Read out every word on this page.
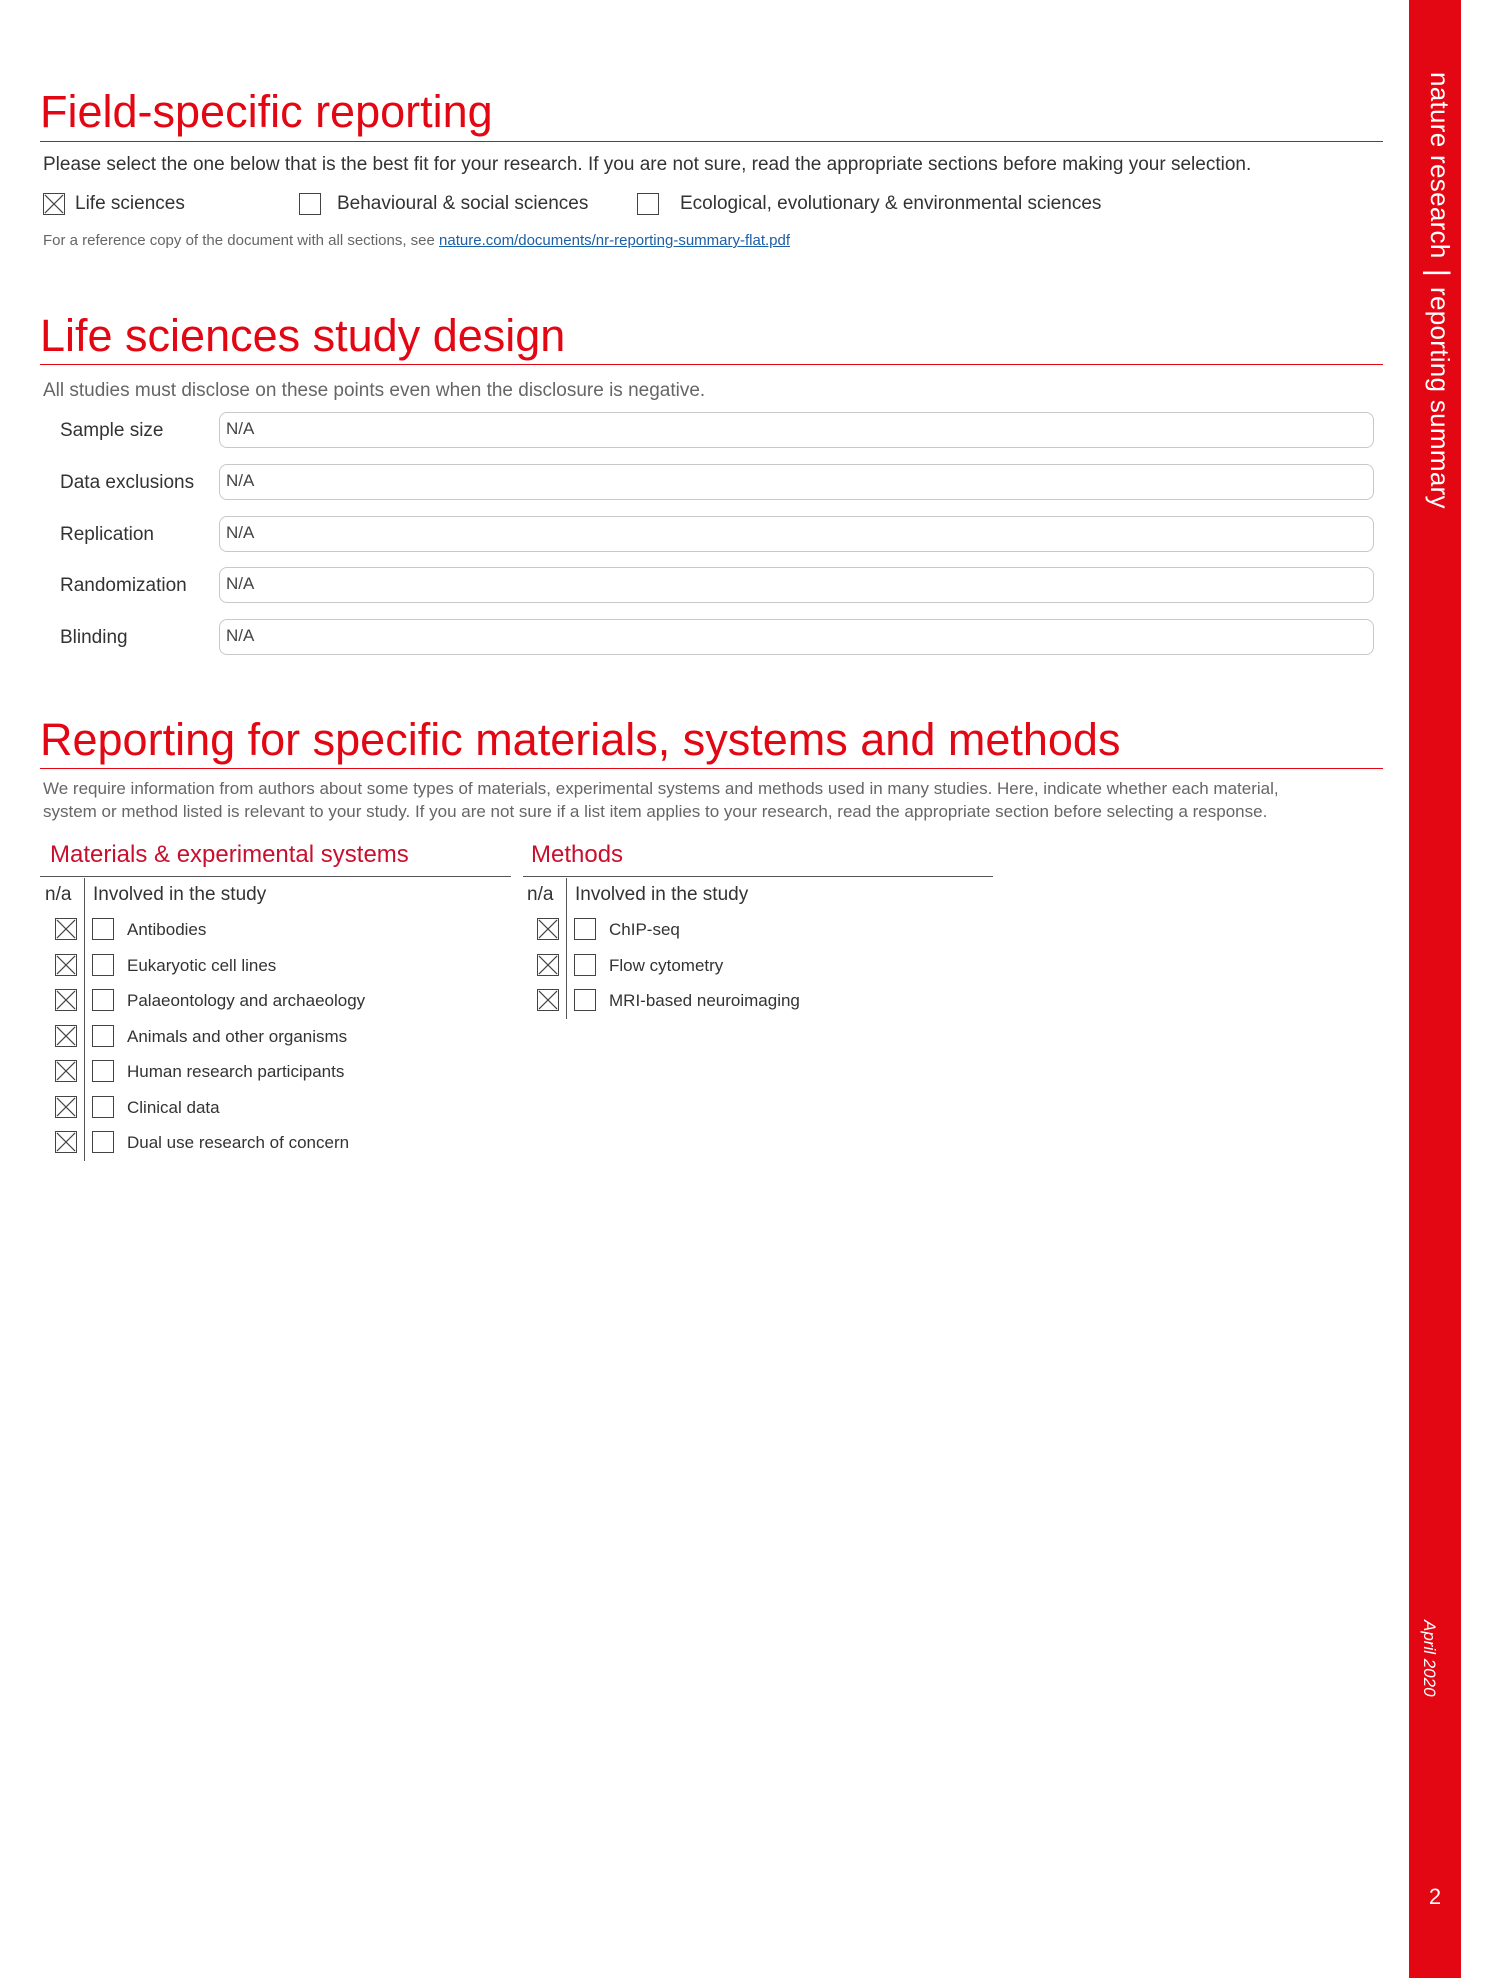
nature research
|
reporting summary
April 2020
2
Field-specific reporting
Please select the one below that is the best fit for your research. If you are not sure, read the appropriate sections before making your selection.
Life sciences	Behavioural & social sciences	Ecological, evolutionary & environmental sciences
For a reference copy of the document with all sections, see nature.com/documents/nr-reporting-summary-flat.pdf
Life sciences study design
All studies must disclose on these points even when the disclosure is negative.
Sample size	N/A
Data exclusions	N/A
Replication	N/A
Randomization	N/A
Blinding	N/A
Reporting for specific materials, systems and methods
We require information from authors about some types of materials, experimental systems and methods used in many studies. Here, indicate whether each material,
system or method listed is relevant to your study. If you are not sure if a list item applies to your research, read the appropriate section before selecting a response.
Materials & experimental systems
n/a Involved in the study
Antibodies
Eukaryotic cell lines
Palaeontology and archaeology
Animals and other organisms
Human research participants
Clinical data
Dual use research of concern
Methods
n/a Involved in the study
ChIP-seq
Flow cytometry
MRI-based neuroimaging
